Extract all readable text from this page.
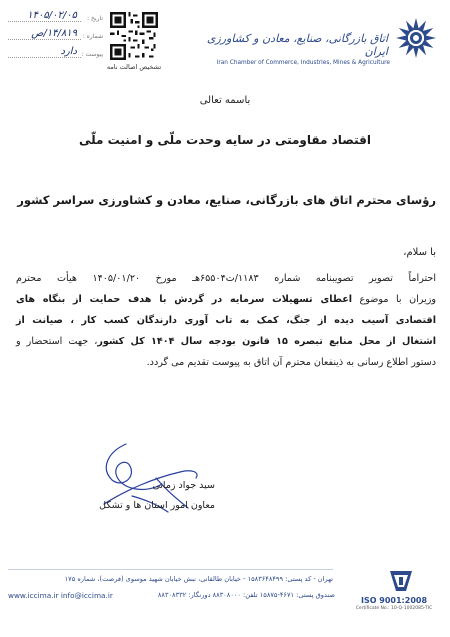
تاریخ :
۱۴۰۵/۰۲/۰۵
شماره :
۱۴/۸۱۹/ص
پیوست :
دارد
تشخیص اصالت نامه
اتاق بازرگانی، صنایع، معادن و کشاورزی ایران
Iran Chamber of Commerce, Industries, Mines & Agriculture
باسمه تعالی
اقتصاد مقاومتی در سایه وحدت ملّی و امنیت ملّی
رؤسای محترم اتاق های بازرگانی، صنایع، معادن و کشاورزی سراسر کشور
با سلام،
احتراماً تصویر تصویبنامه شماره ۱۱۸۳/ت۶۵۵۰۴هـ مورخ ۱۴۰۵/۰۱/۲۰ هیأت محترم
وزیران با موضوع اعطای تسهیلات سرمایه در گردش با هدف حمایت از بنگاه های
اقتصادی آسیب دیده از جنگ، کمک به تاب آوری دارندگان کسب کار ، صیانت از
اشتغال از محل منابع تبصره ۱۵ قانون بودجه سال ۱۴۰۴ کل کشور، جهت استحضار و
دستور اطلاع رسانی به ذینفعان محترم آن اتاق به پیوست تقدیم می گردد.
سید جواد زمانی
معاون امور استان ها و تشکل
تهران - کد پستی: ۱۵۸۳۶۴۸۴۹۹ - خیابان طالقانی، نبش خیابان شهید موسوی (فرصت)، شماره ۱۷۵
www.iccima.ir info@iccima.ir	صندوق پستی: ۴۶۷۱-۱۵۸۷۵ تلفن: ۸۸۳۰۸۰۰۰ دورنگار: ۸۸۳۰۸۳۳۲
ISO 9001:2008
Certificate No.: 10-Q-1002085-TIC
